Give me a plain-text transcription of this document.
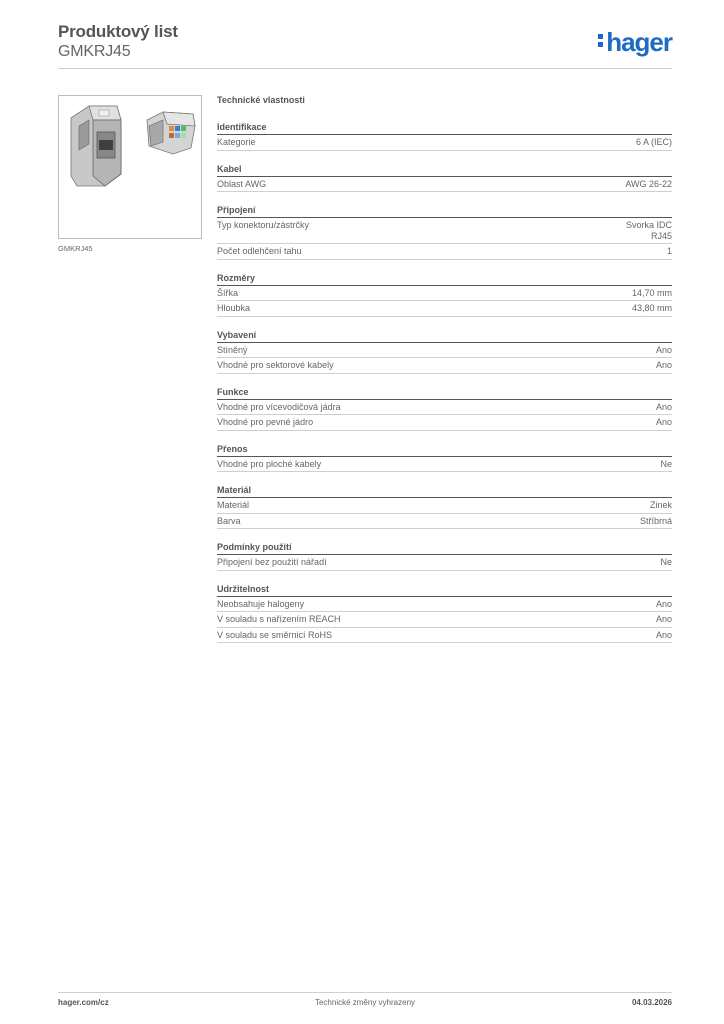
Produktový list
GMKRJ45	hager
GMKRJ45
Technické vlastnosti
Identifikace
Kategorie	6 A (IEC)
Kabel
Oblast AWG	AWG 26-22
Připojení
Typ konektoru/zástrčky	Svorka IDC
RJ45
Počet odlehčení tahu	1
Rozměry
Šířka	14,70 mm
Hloubka	43,80 mm
Vybavení
Stíněný	Ano
Vhodné pro sektorové kabely	Ano
Funkce
Vhodné pro vícevodičová jádra	Ano
Vhodné pro pevné jádro	Ano
Přenos
Vhodné pro ploché kabely	Ne
Materiál
Materiál	Zinek
Barva	Stříbrná
Podmínky použití
Připojení bez použití nářadí	Ne
Udržitelnost
Neobsahuje halogeny	Ano
V souladu s nařízením REACH	Ano
V souladu se směrnicí RoHS	Ano
hager.com/cz	Technické změny vyhrazeny	04.03.2026
